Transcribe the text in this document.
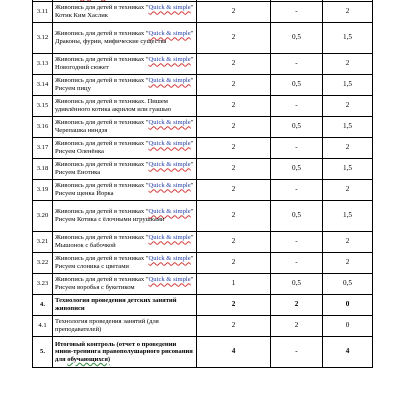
3.11	Живопись для детей в техниках "Quick & simple" Котик Ким Хаслик	2	-	2
3.12	Живопись для детей в техниках "Quick & simple" Драконы, фурии, мифические существа	2	0,5	1,5
3.13	Живопись для детей в техниках "Quick & simple" Новогодний сюжет	2	-	2
3.14	Живопись для детей в техниках "Quick & simple" Рисуем пицу	2	0,5	1,5
3.15	Живопись для детей в техниках. Пишем удивлённого котика акрилом или гуашью	2	-	2
3.16	Живопись для детей в техниках "Quick & simple" Черепашка ниндзя	2	0,5	1,5
3.17	Живопись для детей в техниках "Quick & simple" Рисуем Оленёнка	2	-	2
3.18	Живопись для детей в техниках "Quick & simple" Рисуем Енотика	2	0,5	1,5
3.19	Живопись для детей в техниках "Quick & simple" Рисуем щенка Йорка	2	-	2
3.20	Живопись для детей в техниках "Quick & simple" Рисуем Котика с ёлочными игрушками	2	0,5	1,5
3.21	Живопись для детей в техниках "Quick & simple" Мышонок с бабочкой	2	-	2
3.22	Живопись для детей в техниках "Quick & simple" Рисуем слоника с цветами	2	-	2
3.23	Живопись для детей в техниках "Quick & simple" Рисуем воробья с букетиком	1	0,5	0,5
4.	Технология проведения детских занятий живописи	2	2	0
4.1	Технология проведения занятий (для преподавателей)	2	2	0
5.	Итоговый контроль (отчет о проведении мини-тренинга правополушарного рисования для обучающихся)	4	-	4
